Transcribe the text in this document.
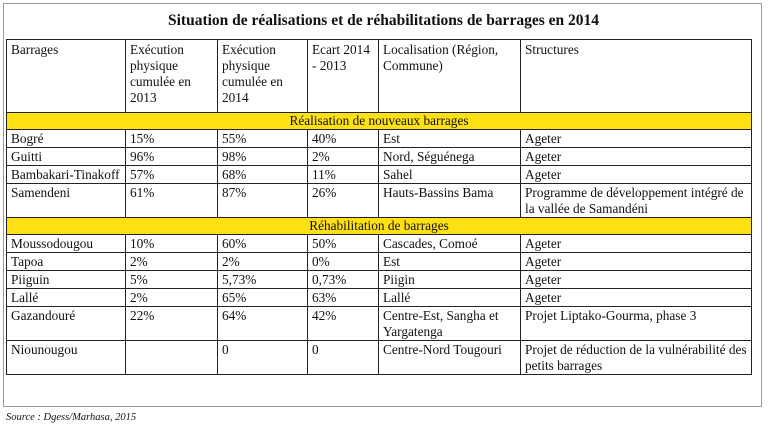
Situation de réalisations et de réhabilitations de barrages en 2014
Barrages	Exécution physique cumulée en 2013	Exécution physique cumulée en 2014	Ecart 2014 - 2013	Localisation (Région, Commune)	Structures
Réalisation de nouveaux barrages					
Bogré	15%	55%	40%	Est	Ageter
Guitti	96%	98%	2%	Nord, Séguénega	Ageter
Bambakari-Tinakoff	57%	68%	11%	Sahel	Ageter
Samendeni	61%	87%	26%	Hauts-Bassins Bama	Programme de développement intégré de la vallée de Samandéni
Réhabilitation de barrages					
Moussodougou	10%	60%	50%	Cascades, Comoé	Ageter
Tapoa	2%	2%	0%	Est	Ageter
Piiguin	5%	5,73%	0,73%	Piigin	Ageter
Lallé	2%	65%	63%	Lallé	Ageter
Gazandouré	22%	64%	42%	Centre-Est, Sangha et Yargatenga	Projet Liptako-Gourma, phase 3
Niounougou		0	0	Centre-Nord Tougouri	Projet de réduction de la vulnérabilité des petits barrages
Source : Dgess/Marhasa, 2015
